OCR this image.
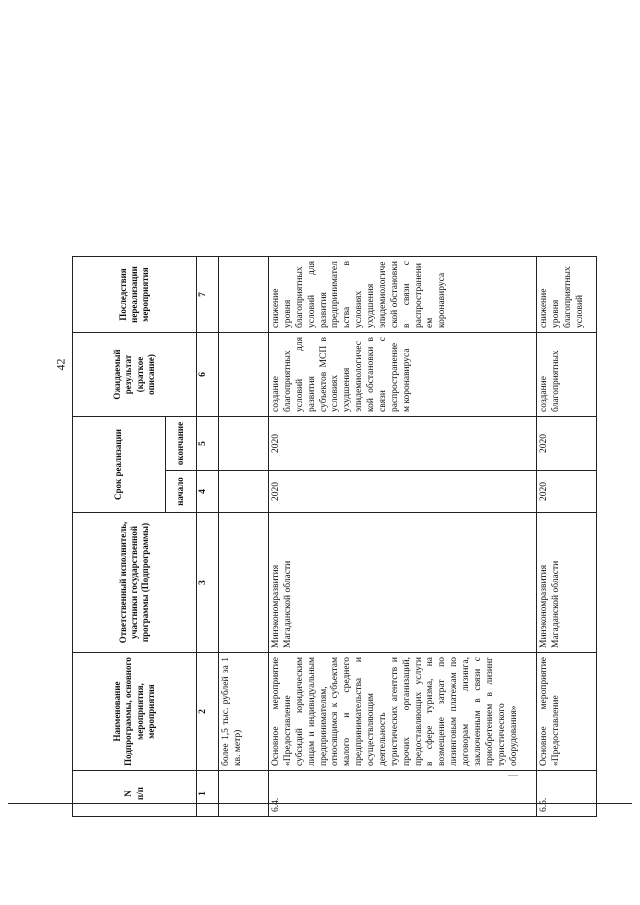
42
N
п/п	Наименование Подпрограммы, основного мероприятия, мероприятия	Ответственный исполнитель, участники государственной программы (Подпрограммы)	Срок реализации		Ожидаемый результат (краткое описание)	Последствия нереализации мероприятия
			начало	окончание		
1	2	3	4	5	6	7
	более 1,5 тыс. рублей за 1 кв. метр)					
6.4.	Основное мероприятие «Предоставление субсидий юридическим лицам и индивидуальным предпринимателям, относящимся к субъектам малого и среднего предпринимательства и осуществляющим деятельность туристических агентств и прочих организаций, предоставляющих услуги в сфере туризма, на возмещение затрат по лизинговым платежам по договорам лизинга, заключенным в связи с приобретением в лизинг туристического оборудования»	Минэкономразвития Магаданской области	2020	2020	создание благоприятных условий для развития субъектов МСП в условиях ухудшения эпидемиологической обстановки в связи с распространением коронавируса	снижение уровня благоприятных условий для развития предпринимательства в условиях ухудшения эпидемиологической обстановки в связи с распространением коронавируса
6.5.	Основное мероприятие «Предоставление	Минэкономразвития Магаданской области	2020	2020	создание благоприятных	снижение уровня благоприятных условий
